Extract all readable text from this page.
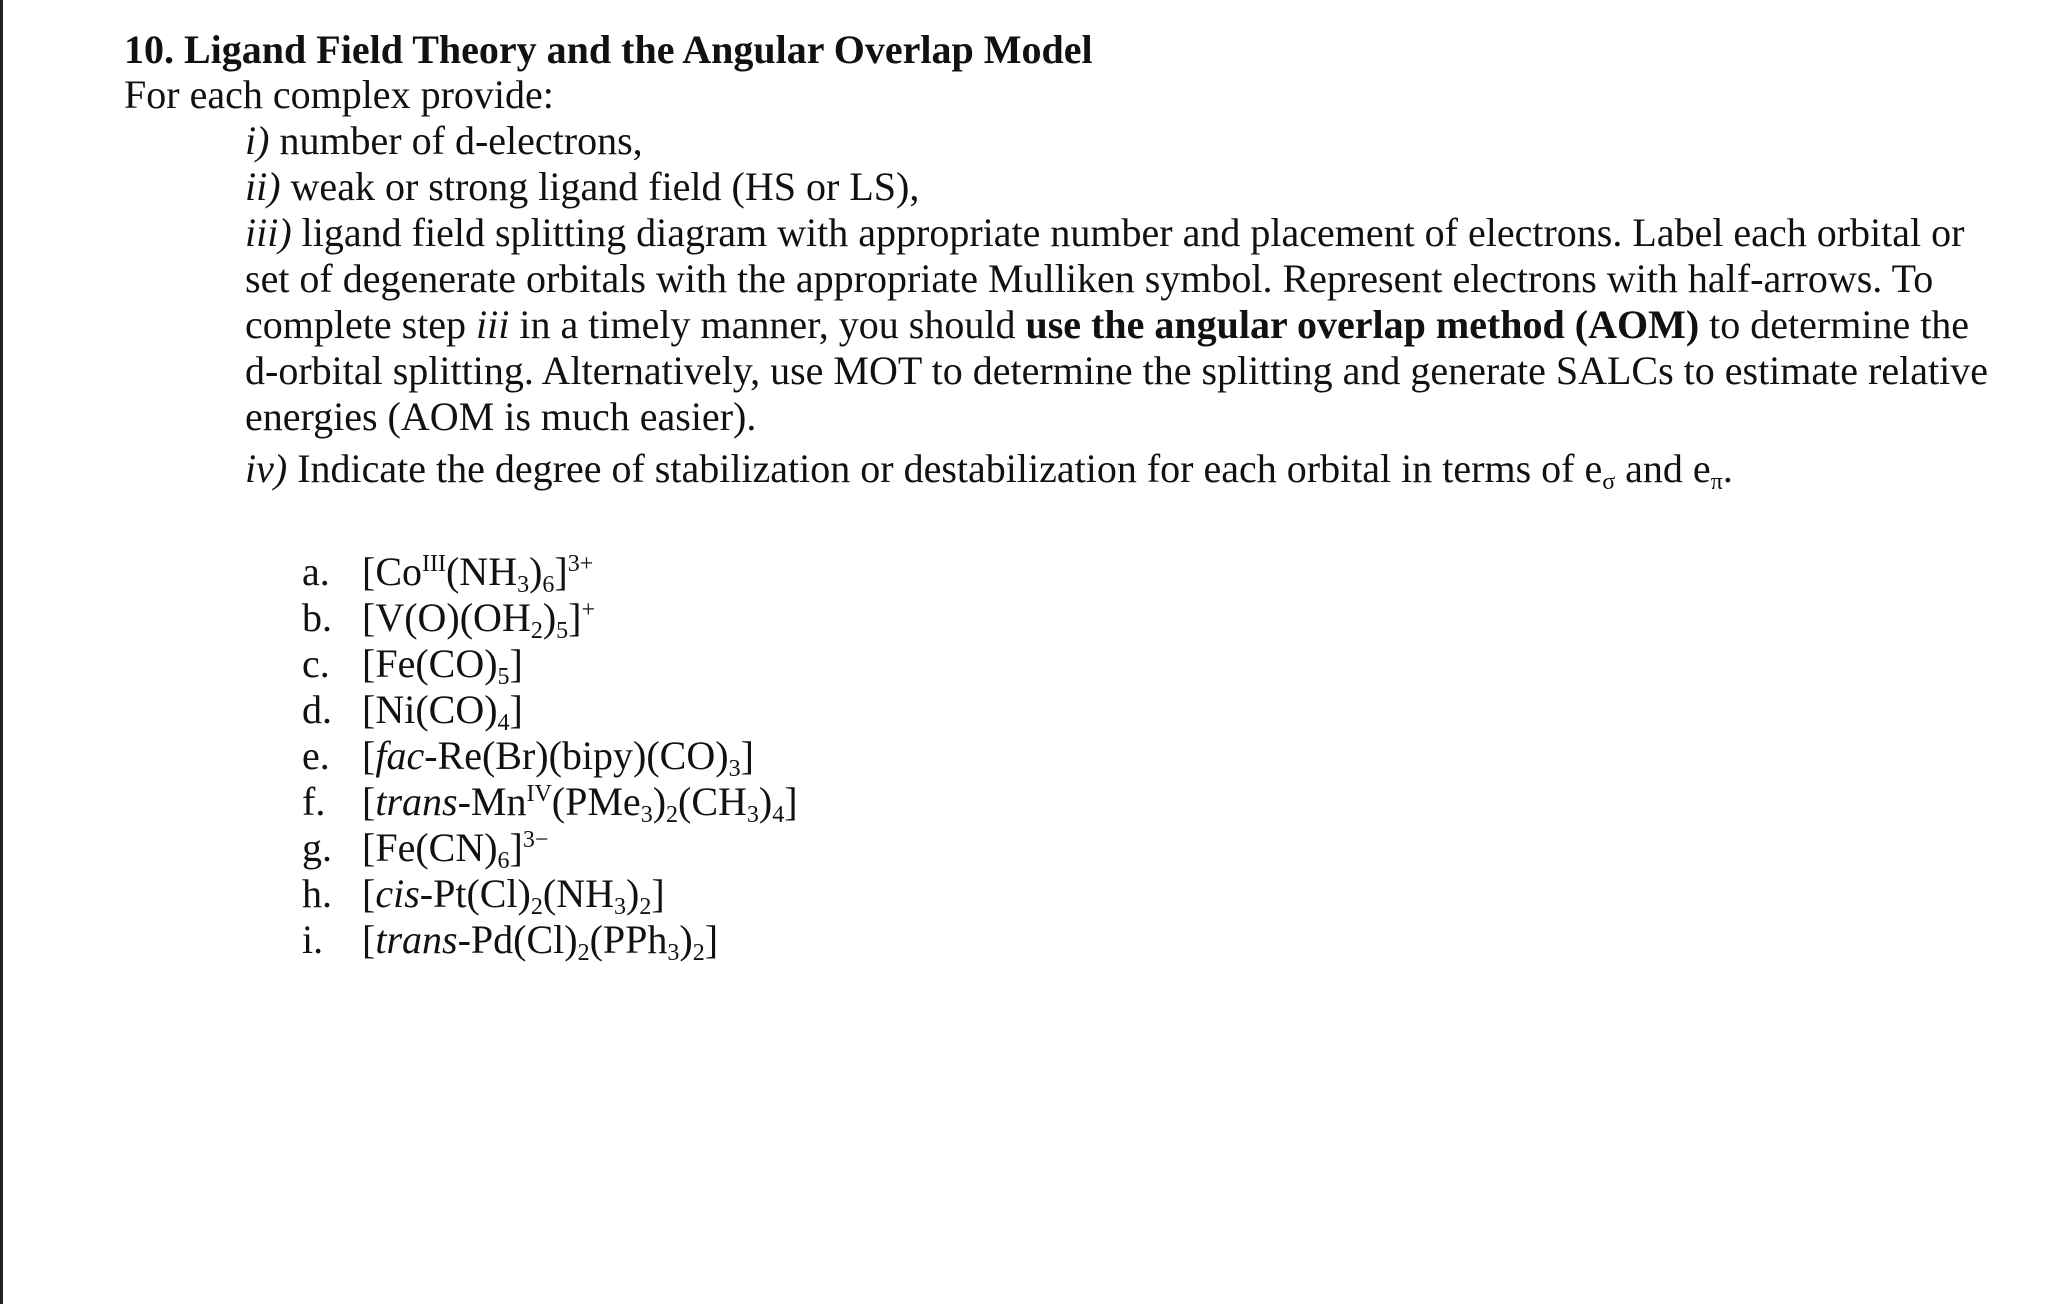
10. Ligand Field Theory and the Angular Overlap Model

For each complex provide:

i) number of d-electrons,

ii) weak or strong ligand field (HS or LS),

iii) ligand field splitting diagram with appropriate number and placement of electrons. Label each orbital or set of degenerate orbitals with the appropriate Mulliken symbol. Represent electrons with half-arrows. To complete step iii in a timely manner, you should use the angular overlap method (AOM) to determine the d-orbital splitting. Alternatively, use MOT to determine the splitting and generate SALCs to estimate relative energies (AOM is much easier).

iv) Indicate the degree of stabilization or destabilization for each orbital in terms of eσ and eπ.

a. $[Co^{III}(NH_3)_6]^{3+}$
b. $[V(O)(OH_2)_5]^+$
c. $[Fe(CO)_5]$
d. $[Ni(CO)_4]$
e. $[fac-Re(Br)(bipy)(CO)_3]$
f. $[trans-Mn^{IV}(PMe_3)_2(CH_3)_4]$
g. $[Fe(CN)_6]^{3-}$
h. $[cis-Pt(Cl)_2(NH_3)_2]$
i. $[trans-Pd(Cl)_2(PPh_3)_2]$
